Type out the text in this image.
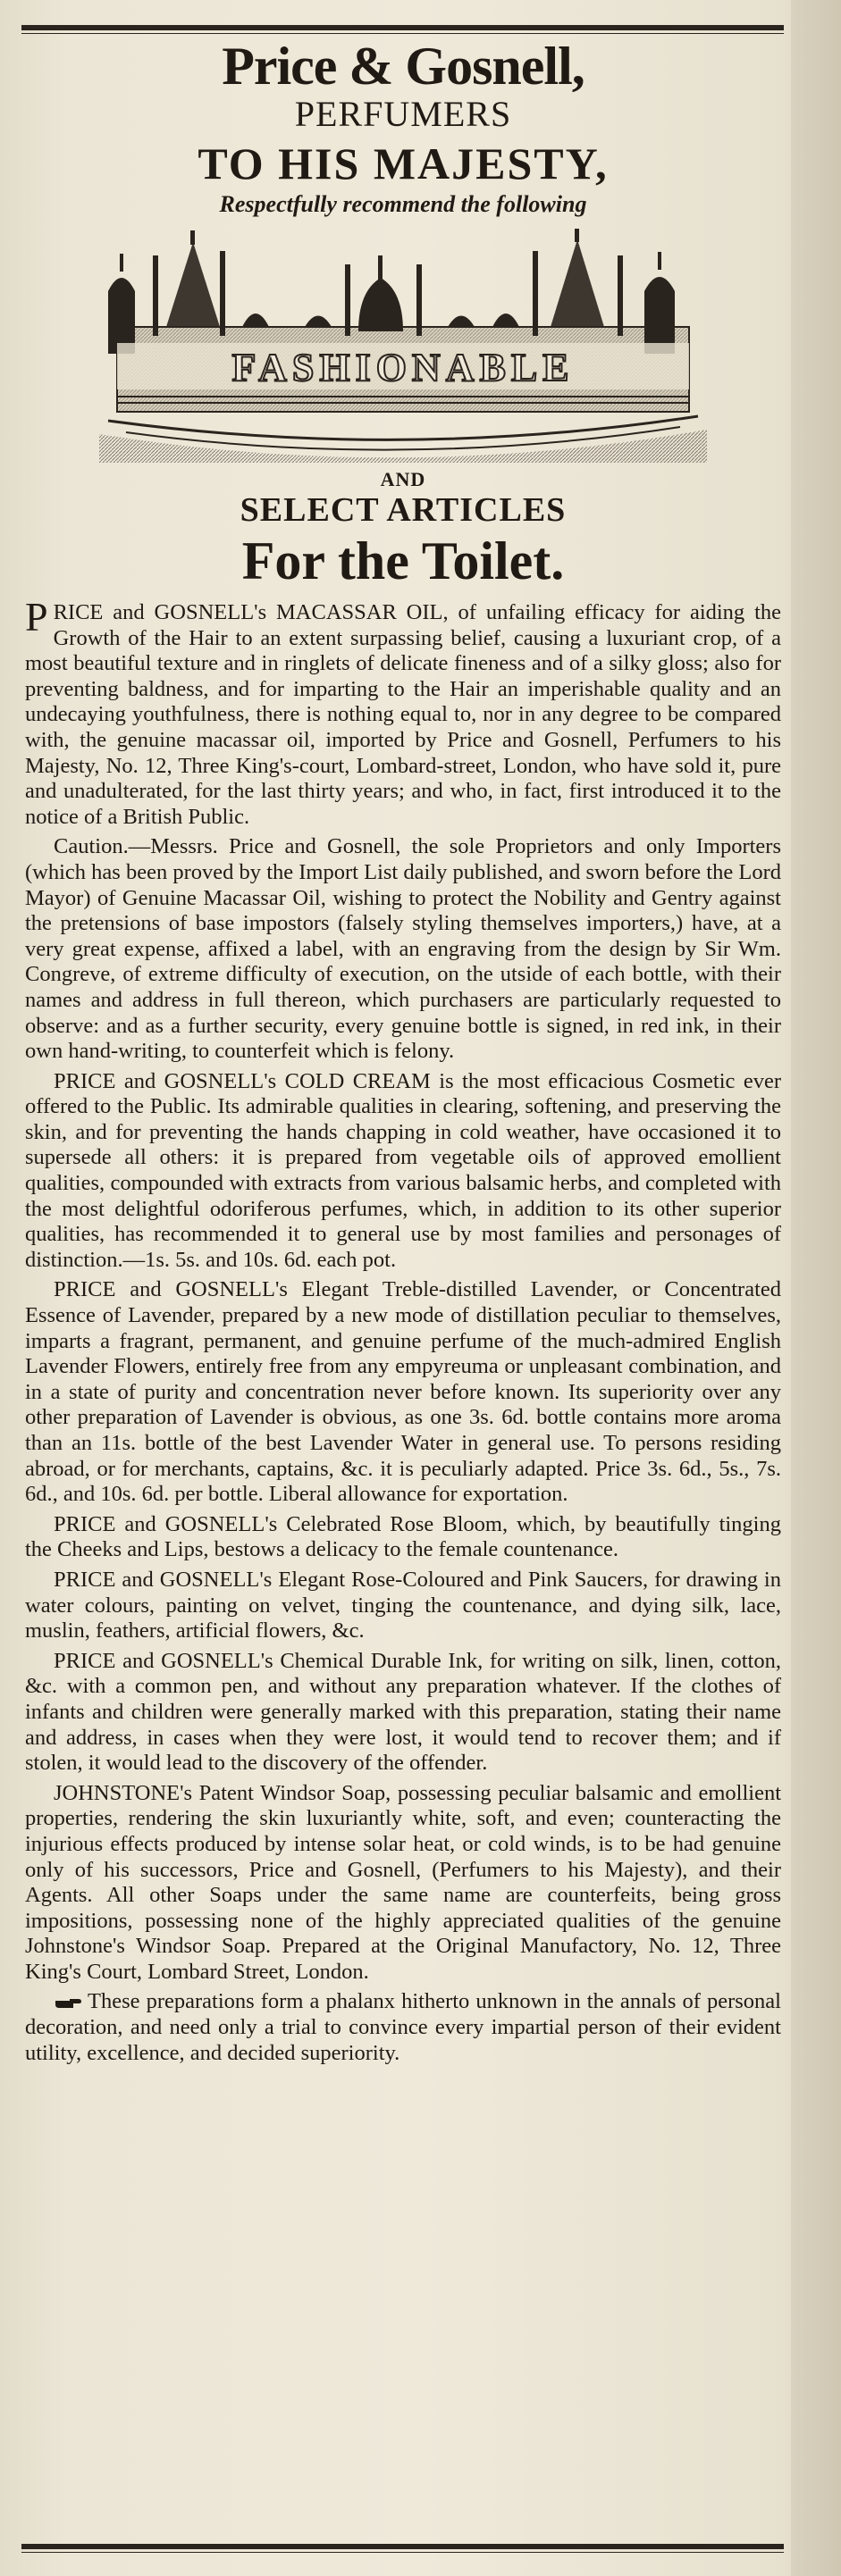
Price & Gosnell,
PERFUMERS
TO HIS MAJESTY,
Respectfully recommend the following
FASHIONABLE
AND
SELECT ARTICLES
For the Toilet.

PRICE and GOSNELL's MACASSAR OIL, of unfailing efficacy for aiding the Growth of the Hair to an extent surpassing belief, causing a luxuriant crop, of a most beautiful texture and in ringlets of delicate fineness and of a silky gloss; also for preventing baldness, and for imparting to the Hair an imperishable quality and an undecaying youthfulness, there is nothing equal to, nor in any degree to be compared with, the genuine macassar oil, imported by Price and Gosnell, Perfumers to his Majesty, No. 12, Three King's-court, Lombard-street, London, who have sold it, pure and unadulterated, for the last thirty years; and who, in fact, first introduced it to the notice of a British Public.

Caution.—Messrs. Price and Gosnell, the sole Proprietors and only Importers (which has been proved by the Import List daily published, and sworn before the Lord Mayor) of Genuine Macassar Oil, wishing to protect the Nobility and Gentry against the pretensions of base impostors (falsely styling themselves importers,) have, at a very great expense, affixed a label, with an engraving from the design by Sir Wm. Congreve, of extreme difficulty of execution, on the utside of each bottle, with their names and address in full thereon, which purchasers are particularly requested to observe: and as a further security, every genuine bottle is signed, in red ink, in their own hand-writing, to counterfeit which is felony.

PRICE and GOSNELL's COLD CREAM is the most efficacious Cosmetic ever offered to the Public. Its admirable qualities in clearing, softening, and preserving the skin, and for preventing the hands chapping in cold weather, have occasioned it to supersede all others: it is prepared from vegetable oils of approved emollient qualities, compounded with extracts from various balsamic herbs, and completed with the most delightful odoriferous perfumes, which, in addition to its other superior qualities, has recommended it to general use by most families and personages of distinction.—1s. 5s. and 10s. 6d. each pot.

PRICE and GOSNELL's Elegant Treble-distilled Lavender, or Concentrated Essence of Lavender, prepared by a new mode of distillation peculiar to themselves, imparts a fragrant, permanent, and genuine perfume of the much-admired English Lavender Flowers, entirely free from any empyreuma or unpleasant combination, and in a state of purity and concentration never before known. Its superiority over any other preparation of Lavender is obvious, as one 3s. 6d. bottle contains more aroma than an 11s. bottle of the best Lavender Water in general use. To persons residing abroad, or for merchants, captains, &c. it is peculiarly adapted. Price 3s. 6d., 5s., 7s. 6d., and 10s. 6d. per bottle. Liberal allowance for exportation.

PRICE and GOSNELL's Celebrated Rose Bloom, which, by beautifully tinging the Cheeks and Lips, bestows a delicacy to the female countenance.

PRICE and GOSNELL's Elegant Rose-Coloured and Pink Saucers, for drawing in water colours, painting on velvet, tinging the countenance, and dying silk, lace, muslin, feathers, artificial flowers, &c.

PRICE and GOSNELL's Chemical Durable Ink, for writing on silk, linen, cotton, &c. with a common pen, and without any preparation whatever. If the clothes of infants and children were generally marked with this preparation, stating their name and address, in cases when they were lost, it would tend to recover them; and if stolen, it would lead to the discovery of the offender.

JOHNSTONE's Patent Windsor Soap, possessing peculiar balsamic and emollient properties, rendering the skin luxuriantly white, soft, and even; counteracting the injurious effects produced by intense solar heat, or cold winds, is to be had genuine only of his successors, Price and Gosnell, (Perfumers to his Majesty), and their Agents. All other Soaps under the same name are counterfeits, being gross impositions, possessing none of the highly appreciated qualities of the genuine Johnstone's Windsor Soap. Prepared at the Original Manufactory, No. 12, Three King's Court, Lombard Street, London.

These preparations form a phalanx hitherto unknown in the annals of personal decoration, and need only a trial to convince every impartial person of their evident utility, excellence, and decided superiority.
